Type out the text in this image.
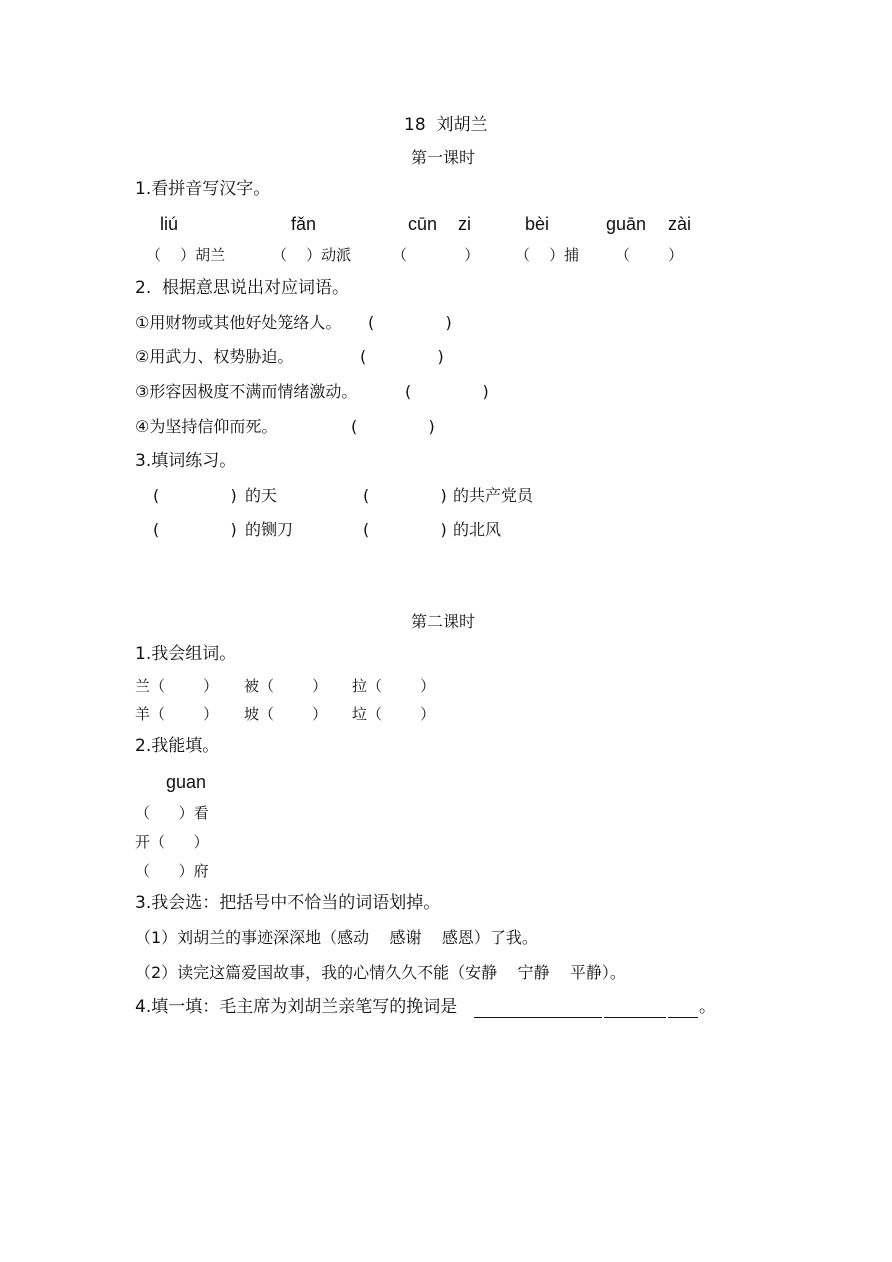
18  刘胡兰
第一课时
1.看拼音写汉字。
liú	fǎn	cūn zi	bèi	guān zài
（    ）胡兰	（    ）动派	（            ） （    ）捕 （        ）
2.  根据意思说出对应词语。
①用财物或其他好处笼络人。 (              )
②用武力、权势胁迫。	(              )
③形容因极度不满而情绪激动。	(              )
④为坚持信仰而死。	(              )
3.填词练习。
(              ) 的天	(              ) 的共产党员
(              ) 的铡刀	(              ) 的北风
第二课时
1.我会组词。
兰（        ） 被（        ） 拉（        ）
羊（        ） 坡（        ） 垃（        ）
2.我能填。
guan
（      ）看
开（      ）
（      ）府
3.我会选：把括号中不恰当的词语划掉。
（1）刘胡兰的事迹深深地（感动    感谢    感恩）了我。
（2）读完这篇爱国故事，我的心情久久不能（安静    宁静    平静）。
4.填一填：毛主席为刘胡兰亲笔写的挽词是	。
